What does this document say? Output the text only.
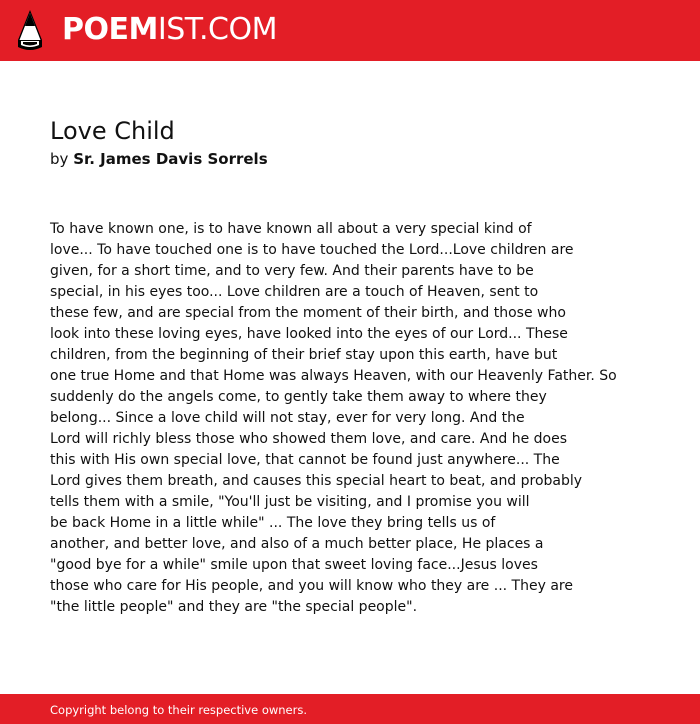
POEMIST.COM
Love Child
by Sr. James Davis Sorrels
To have known one, is to have known all about a very special kind of
love... To have touched one is to have touched the Lord...Love children are
given, for a short time, and to very few. And their parents have to be
special, in his eyes too... Love children are a touch of Heaven, sent to
these few, and are special from the moment of their birth, and those who
look into these loving eyes, have looked into the eyes of our Lord... These
children, from the beginning of their brief stay upon this earth, have but
one true Home and that Home was always Heaven, with our Heavenly Father. So
suddenly do the angels come, to gently take them away to where they
belong... Since a love child will not stay, ever for very long. And the
Lord will richly bless those who showed them love, and care. And he does
this with His own special love, that cannot be found just anywhere... The
Lord gives them breath, and causes this special heart to beat, and probably
tells them with a smile, "You'll just be visiting, and I promise you will
be back Home in a little while" ... The love they bring tells us of
another, and better love, and also of a much better place, He places a
"good bye for a while" smile upon that sweet loving face...Jesus loves
those who care for His people, and you will know who they are ... They are
"the little people" and they are "the special people".
Copyright belong to their respective owners.
